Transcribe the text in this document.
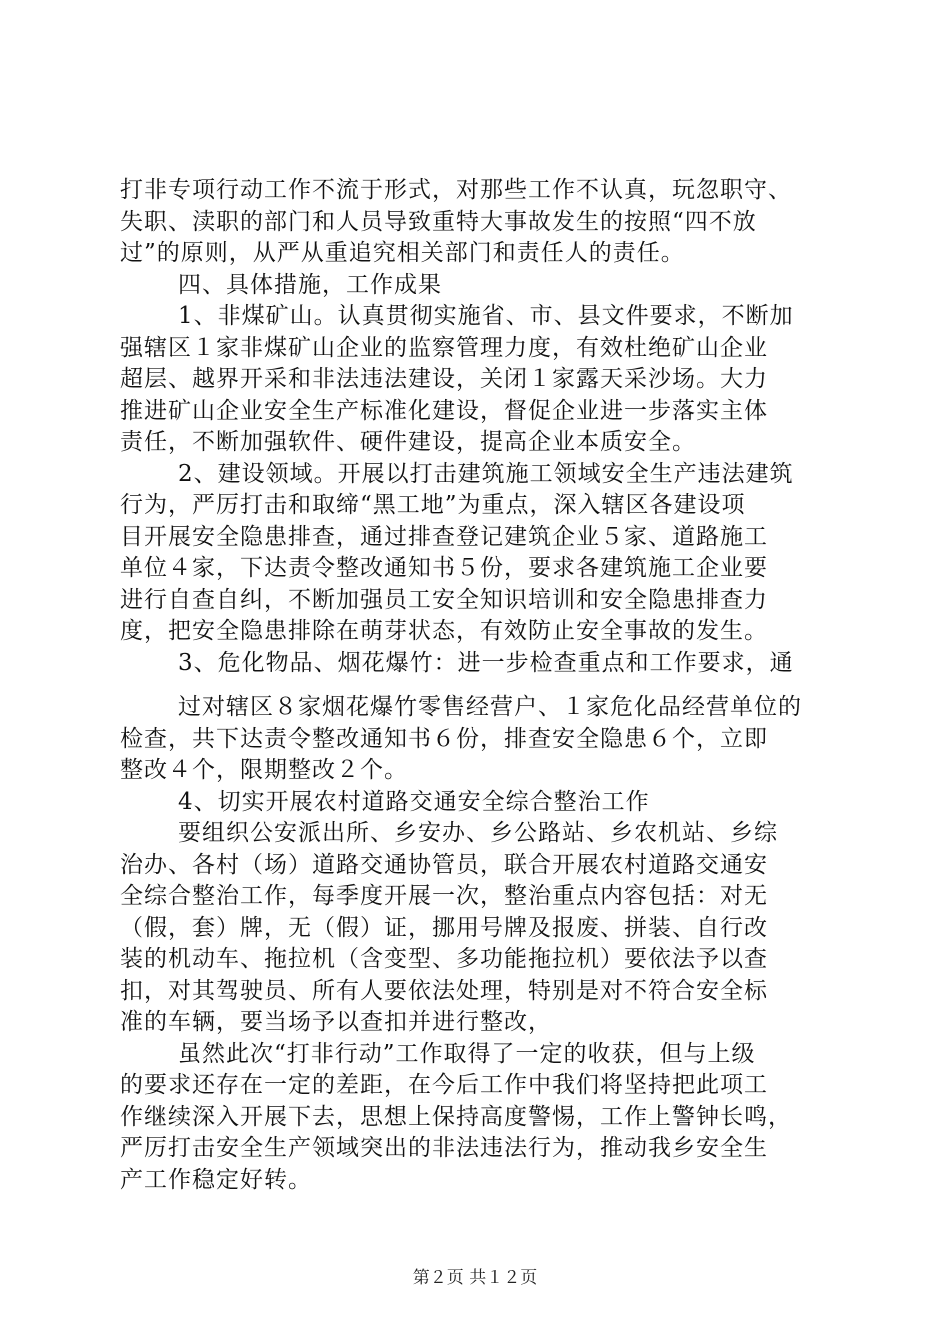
打非专项行动工作不流于形式，对那些工作不认真，玩忽职守、
失职、渎职的部门和人员导致重特大事故发生的按照“四不放
过”的原则，从严从重追究相关部门和责任人的责任。
四、具体措施，工作成果
1、非煤矿山。认真贯彻实施省、市、县文件要求，不断加
强辖区１家非煤矿山企业的监察管理力度，有效杜绝矿山企业
超层、越界开采和非法违法建设，关闭１家露天采沙场。大力
推进矿山企业安全生产标准化建设，督促企业进一步落实主体
责任，不断加强软件、硬件建设，提高企业本质安全。
2、建设领域。开展以打击建筑施工领域安全生产违法建筑
行为，严厉打击和取缔“黑工地”为重点，深入辖区各建设项
目开展安全隐患排查，通过排查登记建筑企业５家、道路施工
单位４家，下达责令整改通知书５份，要求各建筑施工企业要
进行自查自纠，不断加强员工安全知识培训和安全隐患排查力
度，把安全隐患排除在萌芽状态，有效防止安全事故的发生。
3、危化物品、烟花爆竹：进一步检查重点和工作要求，通
过对辖区８家烟花爆竹零售经营户、１家危化品经营单位的
检查，共下达责令整改通知书６份，排查安全隐患６个，立即
整改４个，限期整改２个。
4、切实开展农村道路交通安全综合整治工作
要组织公安派出所、乡安办、乡公路站、乡农机站、乡综
治办、各村（场）道路交通协管员，联合开展农村道路交通安
全综合整治工作，每季度开展一次，整治重点内容包括：对无
（假，套）牌，无（假）证，挪用号牌及报废、拼装、自行改
装的机动车、拖拉机（含变型、多功能拖拉机）要依法予以查
扣，对其驾驶员、所有人要依法处理，特别是对不符合安全标
准的车辆，要当场予以查扣并进行整改，
虽然此次“打非行动”工作取得了一定的收获，但与上级
的要求还存在一定的差距，在今后工作中我们将坚持把此项工
作继续深入开展下去，思想上保持高度警惕，工作上警钟长鸣，
严厉打击安全生产领域突出的非法违法行为，推动我乡安全生
产工作稳定好转。
第２页 共１２页
